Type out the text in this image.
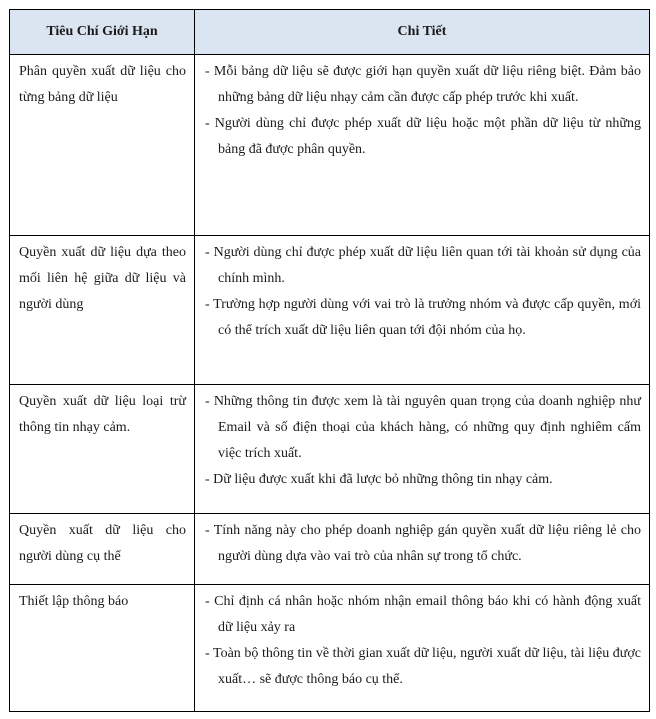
Tiêu Chí Giới Hạn	Chi Tiết

Phân quyền xuất dữ liệu cho từng bảng dữ liệu	- Mỗi bảng dữ liệu sẽ được giới hạn quyền xuất dữ liệu riêng biệt. Đảm bảo những bảng dữ liệu nhạy cảm cần được cấp phép trước khi xuất.
- Người dùng chỉ được phép xuất dữ liệu hoặc một phần dữ liệu từ những bảng đã được phân quyền.

Quyền xuất dữ liệu dựa theo mối liên hệ giữa dữ liệu và người dùng	- Người dùng chỉ được phép xuất dữ liệu liên quan tới tài khoản sử dụng của chính mình.
- Trường hợp người dùng với vai trò là trưởng nhóm và được cấp quyền, mới có thể trích xuất dữ liệu liên quan tới đội nhóm của họ.

Quyền xuất dữ liệu loại trừ thông tin nhạy cảm.	- Những thông tin được xem là tài nguyên quan trọng của doanh nghiệp như Email và số điện thoại của khách hàng, có những quy định nghiêm cấm việc trích xuất.
- Dữ liệu được xuất khi đã lược bỏ những thông tin nhạy cảm.

Quyền xuất dữ liệu cho người dùng cụ thể	- Tính năng này cho phép doanh nghiệp gán quyền xuất dữ liệu riêng lẻ cho người dùng dựa vào vai trò của nhân sự trong tổ chức.

Thiết lập thông báo	- Chỉ định cá nhân hoặc nhóm nhận email thông báo khi có hành động xuất dữ liệu xảy ra
- Toàn bộ thông tin về thời gian xuất dữ liệu, người xuất dữ liệu, tài liệu được xuất… sẽ được thông báo cụ thể.
